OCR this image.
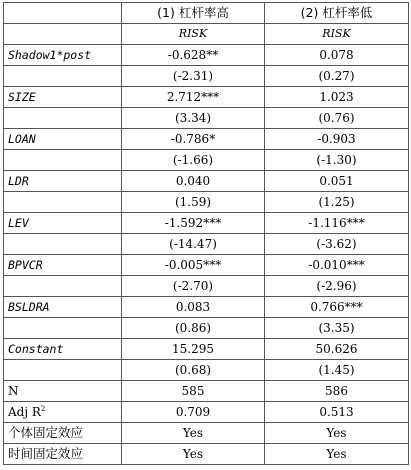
	(1) 杠杆率高	(2) 杠杆率低
	RISK	RISK
Shadow1*post	-0.628**	0.078
	(-2.31)	(0.27)
SIZE	2.712***	1.023
	(3.34)	(0.76)
LOAN	-0.786*	-0.903
	(-1.66)	(-1.30)
LDR	0.040	0.051
	(1.59)	(1.25)
LEV	-1.592***	-1.116***
	(-14.47)	(-3.62)
BPVCR	-0.005***	-0.010***
	(-2.70)	(-2.96)
BSLDRA	0.083	0.766***
	(0.86)	(3.35)
Constant	15.295	50.626
	(0.68)	(1.45)
N	585	586
Adj $R^2$	0.709	0.513
个体固定效应	Yes	Yes
时间固定效应	Yes	Yes
